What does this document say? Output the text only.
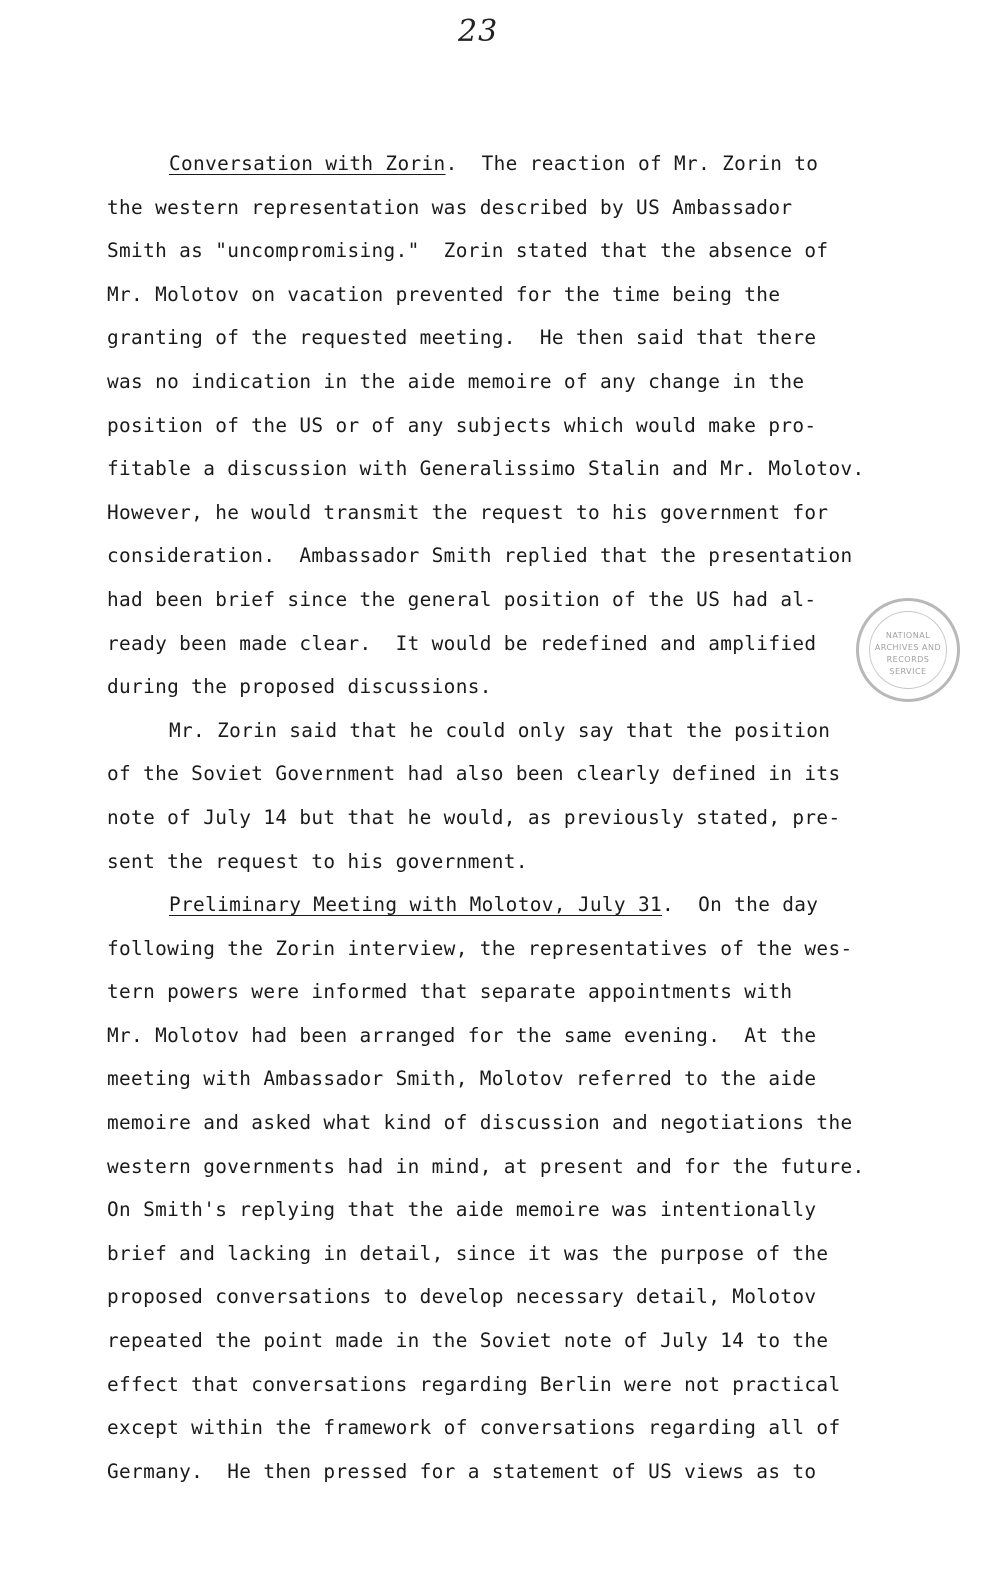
23
NATIONAL
ARCHIVES AND
RECORDS
SERVICE
Conversation with Zorin.  The reaction of Mr. Zorin to
the western representation was described by US Ambassador
Smith as "uncompromising."  Zorin stated that the absence of
Mr. Molotov on vacation prevented for the time being the
granting of the requested meeting.  He then said that there
was no indication in the aide memoire of any change in the
position of the US or of any subjects which would make pro-
fitable a discussion with Generalissimo Stalin and Mr. Molotov.
However, he would transmit the request to his government for
consideration.  Ambassador Smith replied that the presentation
had been brief since the general position of the US had al-
ready been made clear.  It would be redefined and amplified
during the proposed discussions.
Mr. Zorin said that he could only say that the position
of the Soviet Government had also been clearly defined in its
note of July 14 but that he would, as previously stated, pre-
sent the request to his government.
Preliminary Meeting with Molotov, July 31.  On the day
following the Zorin interview, the representatives of the wes-
tern powers were informed that separate appointments with
Mr. Molotov had been arranged for the same evening.  At the
meeting with Ambassador Smith, Molotov referred to the aide
memoire and asked what kind of discussion and negotiations the
western governments had in mind, at present and for the future.
On Smith's replying that the aide memoire was intentionally
brief and lacking in detail, since it was the purpose of the
proposed conversations to develop necessary detail, Molotov
repeated the point made in the Soviet note of July 14 to the
effect that conversations regarding Berlin were not practical
except within the framework of conversations regarding all of
Germany.  He then pressed for a statement of US views as to
